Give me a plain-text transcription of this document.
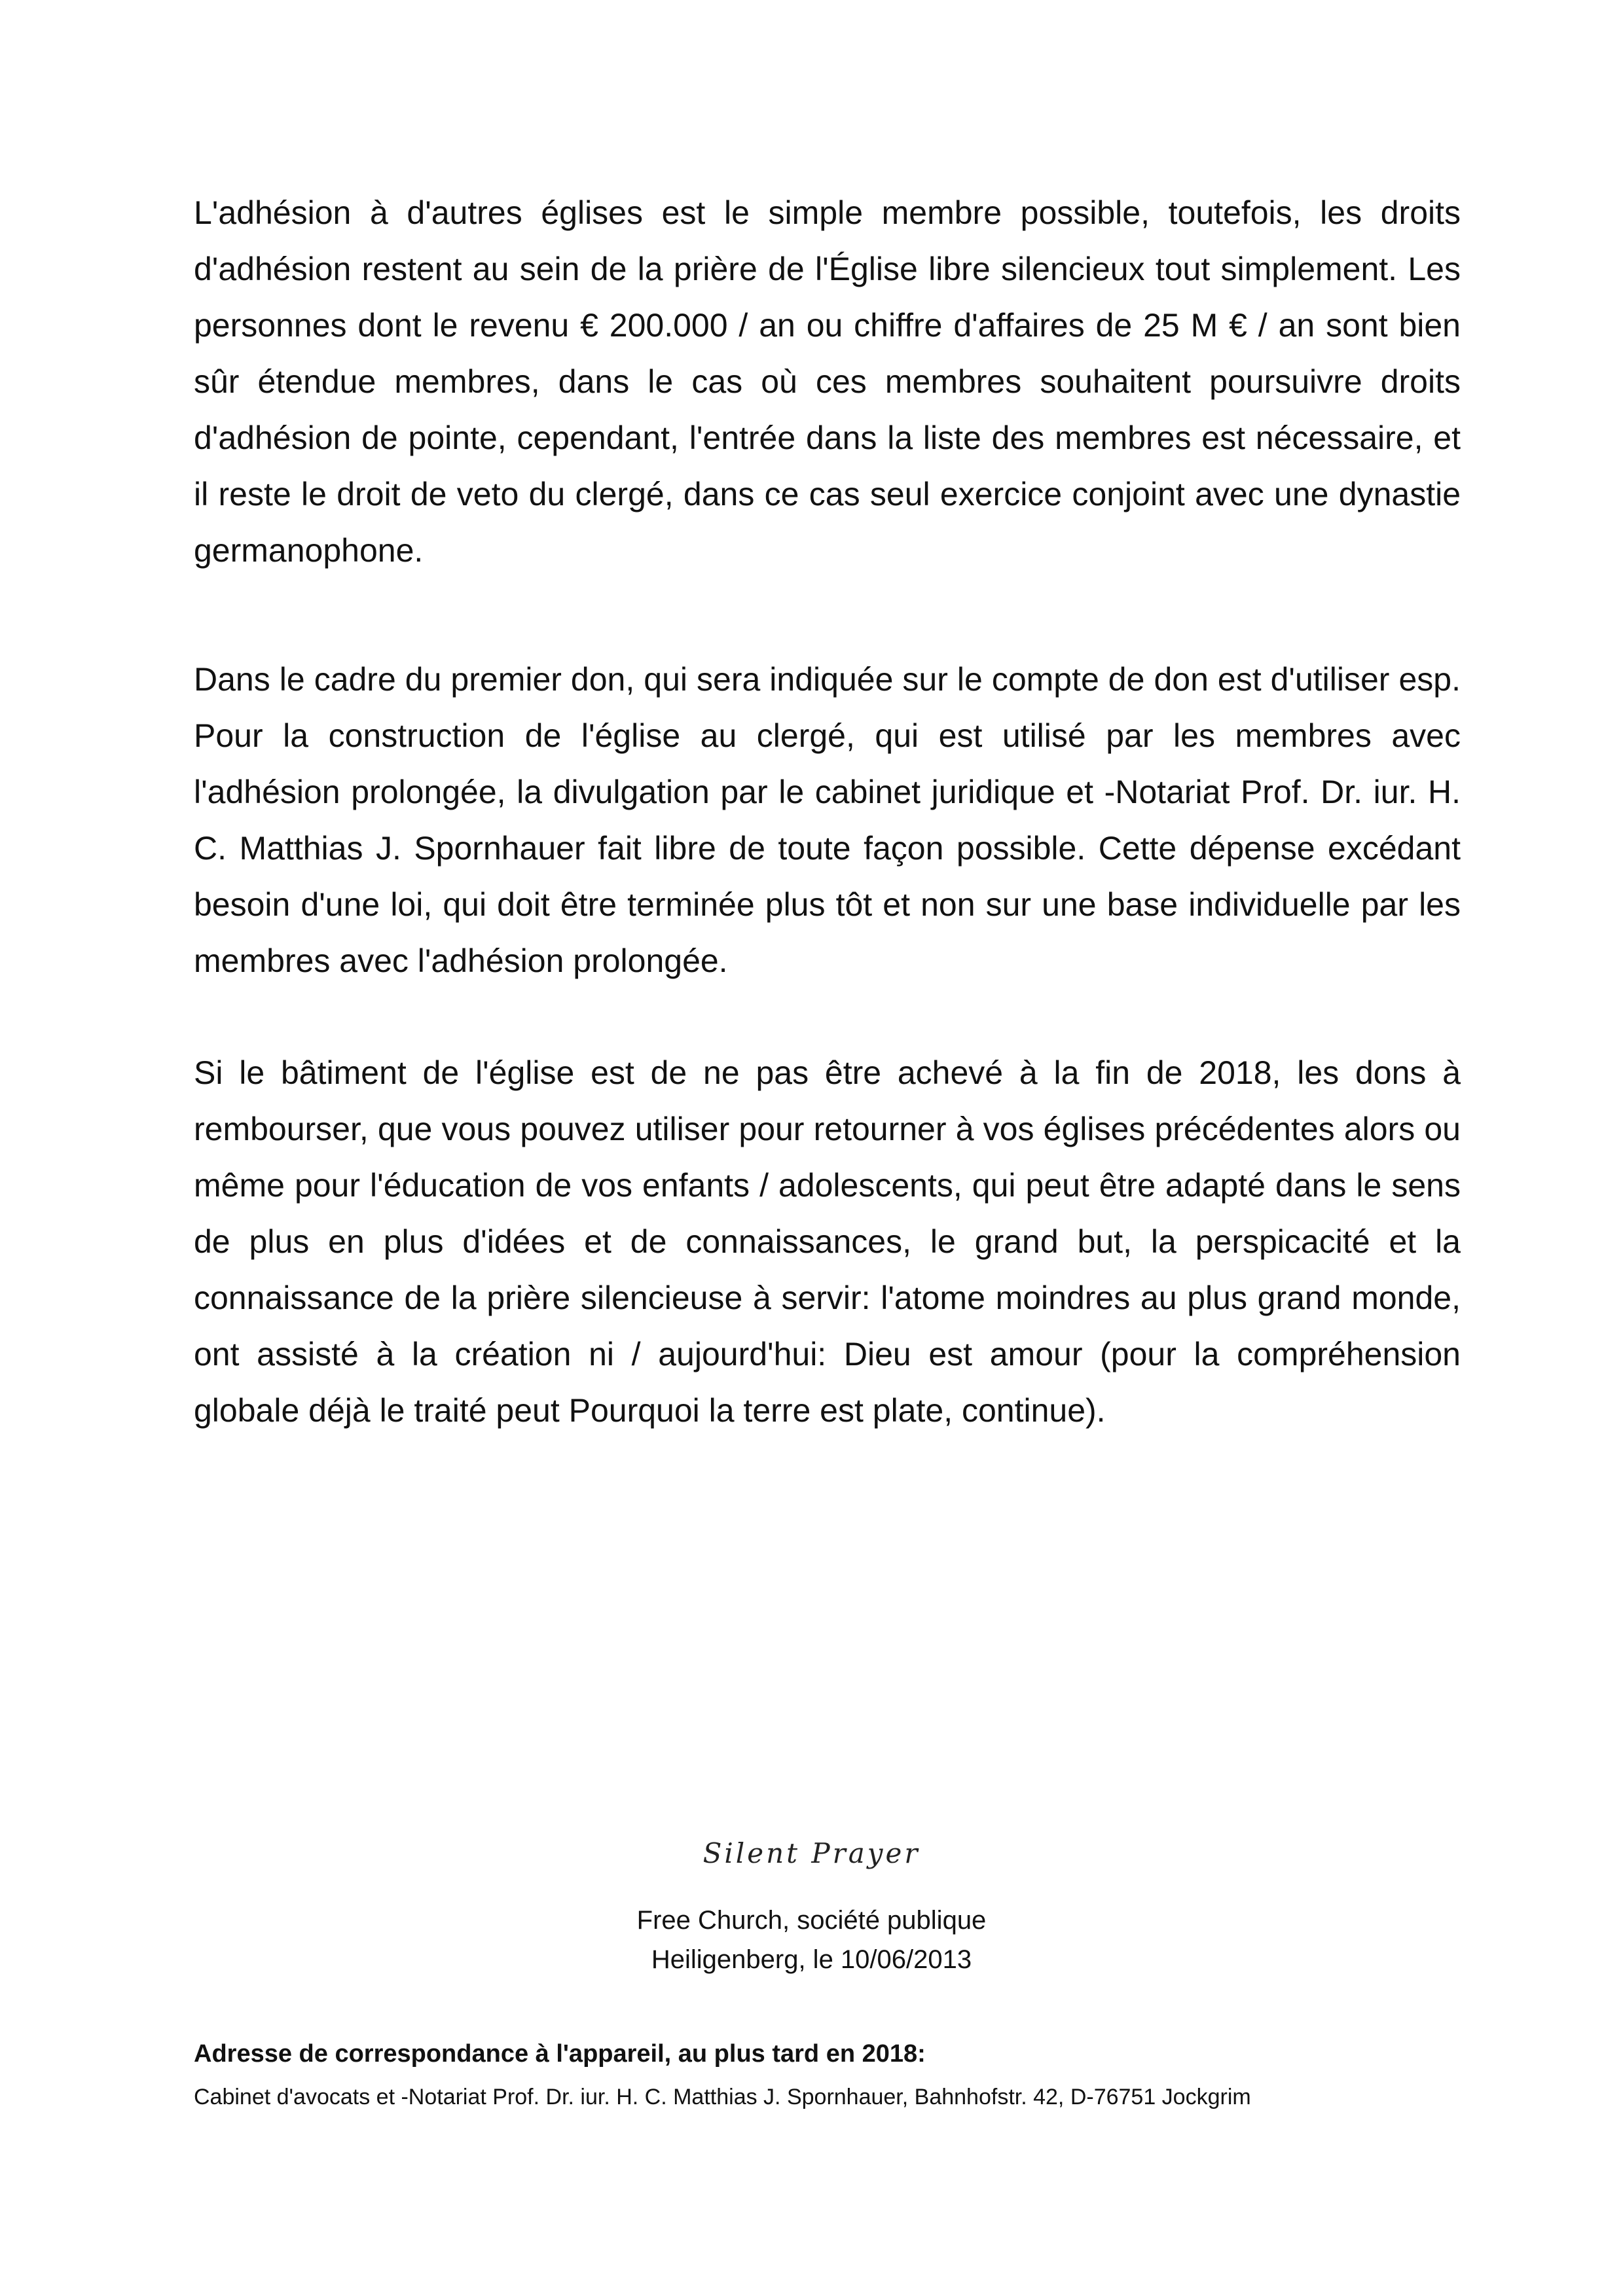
L'adhésion à d'autres églises est le simple membre possible, toutefois, les droits d'adhésion restent au sein de la prière de l'Église libre silencieux tout simplement. Les personnes dont le revenu € 200.000 / an ou chiffre d'affaires de 25 M € / an sont bien sûr étendue membres, dans le cas où ces membres souhaitent poursuivre droits d'adhésion de pointe, cependant, l'entrée dans la liste des membres est nécessaire, et il reste le droit de veto du clergé, dans ce cas seul exercice conjoint avec une dynastie germanophone.

Dans le cadre du premier don, qui sera indiquée sur le compte de don est d'utiliser esp. Pour la construction de l'église au clergé, qui est utilisé par les membres avec l'adhésion prolongée, la divulgation par le cabinet juridique et -Notariat Prof. Dr. iur. H. C. Matthias J. Spornhauer fait libre de toute façon possible. Cette dépense excédant besoin d'une loi, qui doit être terminée plus tôt et non sur une base individuelle par les membres avec l'adhésion prolongée.

Si le bâtiment de l'église est de ne pas être achevé à la fin de 2018, les dons à rembourser, que vous pouvez utiliser pour retourner à vos églises précédentes alors ou même pour l'éducation de vos enfants / adolescents, qui peut être adapté dans le sens de plus en plus d'idées et de connaissances, le grand but, la perspicacité et la connaissance de la prière silencieuse à servir: l'atome moindres au plus grand monde, ont assisté à la création ni / aujourd'hui: Dieu est amour (pour la compréhension globale déjà le traité peut Pourquoi la terre est plate, continue).

Silent Prayer
Free Church, société publique
Heiligenberg, le 10/06/2013
Adresse de correspondance à l'appareil, au plus tard en 2018:
Cabinet d'avocats et -Notariat Prof. Dr. iur. H. C. Matthias J. Spornhauer, Bahnhofstr. 42, D-76751 Jockgrim
